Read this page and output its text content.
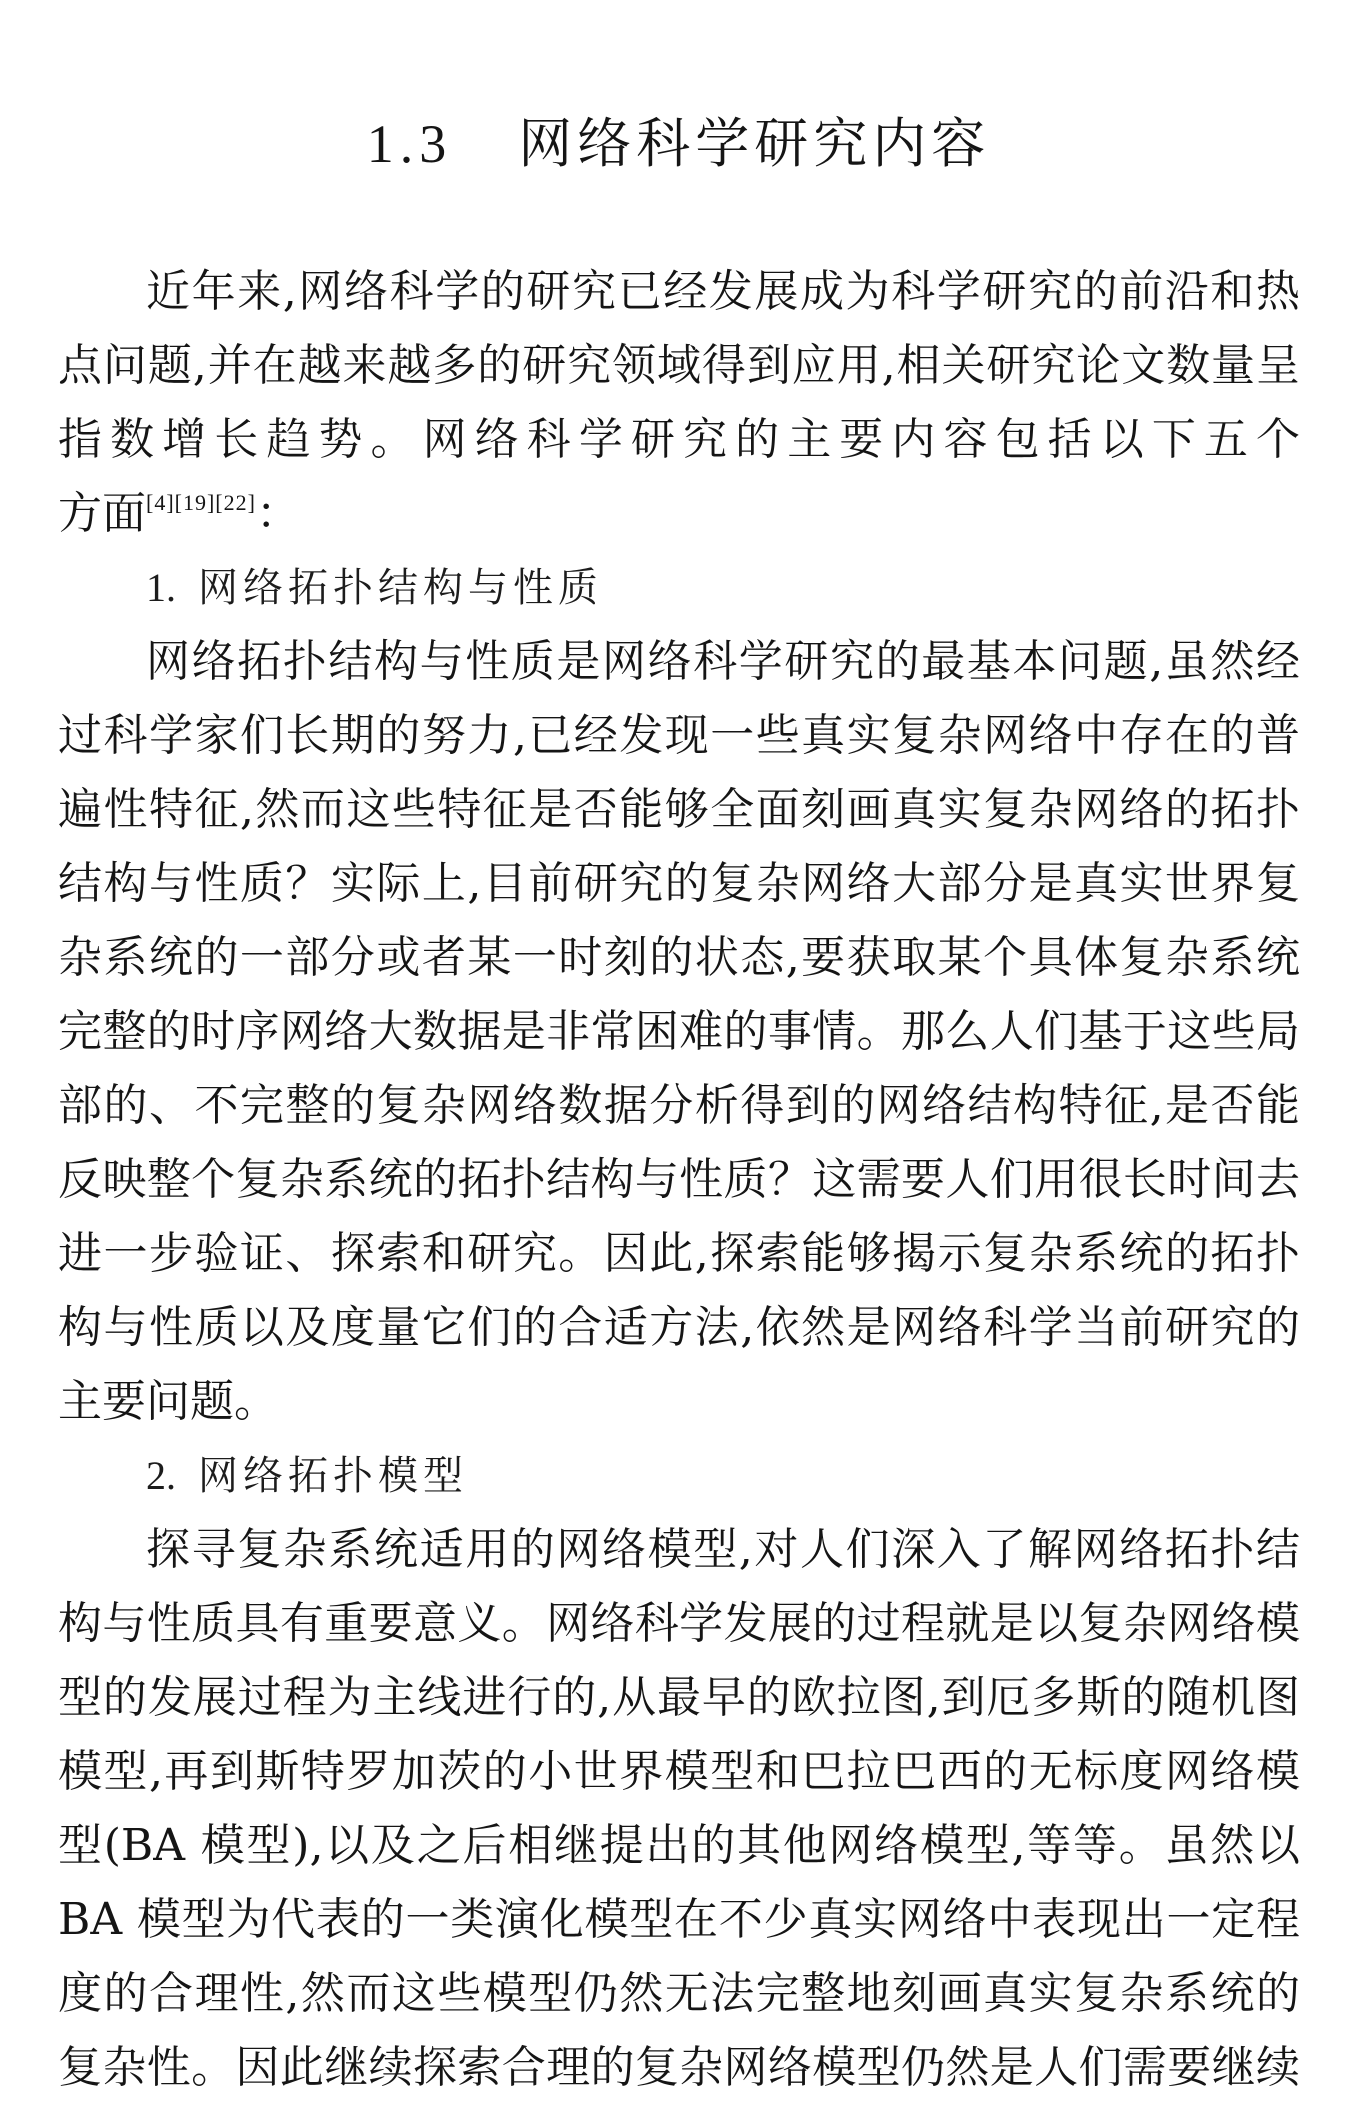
1.3 网络科学研究内容
近年来,网络科学的研究已经发展成为科学研究的前沿和热
点问题,并在越来越多的研究领域得到应用,相关研究论文数量呈
指数增长趋势。网络科学研究的主要内容包括以下五个
方面[4][19][22]：
1. 网络拓扑结构与性质
网络拓扑结构与性质是网络科学研究的最基本问题,虽然经
过科学家们长期的努力,已经发现一些真实复杂网络中存在的普
遍性特征,然而这些特征是否能够全面刻画真实复杂网络的拓扑
结构与性质？实际上,目前研究的复杂网络大部分是真实世界复
杂系统的一部分或者某一时刻的状态,要获取某个具体复杂系统
完整的时序网络大数据是非常困难的事情。那么人们基于这些局
部的、不完整的复杂网络数据分析得到的网络结构特征,是否能
反映整个复杂系统的拓扑结构与性质？这需要人们用很长时间去
进一步验证、探索和研究。因此,探索能够揭示复杂系统的拓扑
构与性质以及度量它们的合适方法,依然是网络科学当前研究的
主要问题。
2. 网络拓扑模型
探寻复杂系统适用的网络模型,对人们深入了解网络拓扑结
构与性质具有重要意义。网络科学发展的过程就是以复杂网络模
型的发展过程为主线进行的,从最早的欧拉图,到厄多斯的随机图
模型,再到斯特罗加茨的小世界模型和巴拉巴西的无标度网络模
型(BA 模型),以及之后相继提出的其他网络模型,等等。虽然以
BA 模型为代表的一类演化模型在不少真实网络中表现出一定程
度的合理性,然而这些模型仍然无法完整地刻画真实复杂系统的
复杂性。因此继续探索合理的复杂网络模型仍然是人们需要继续
